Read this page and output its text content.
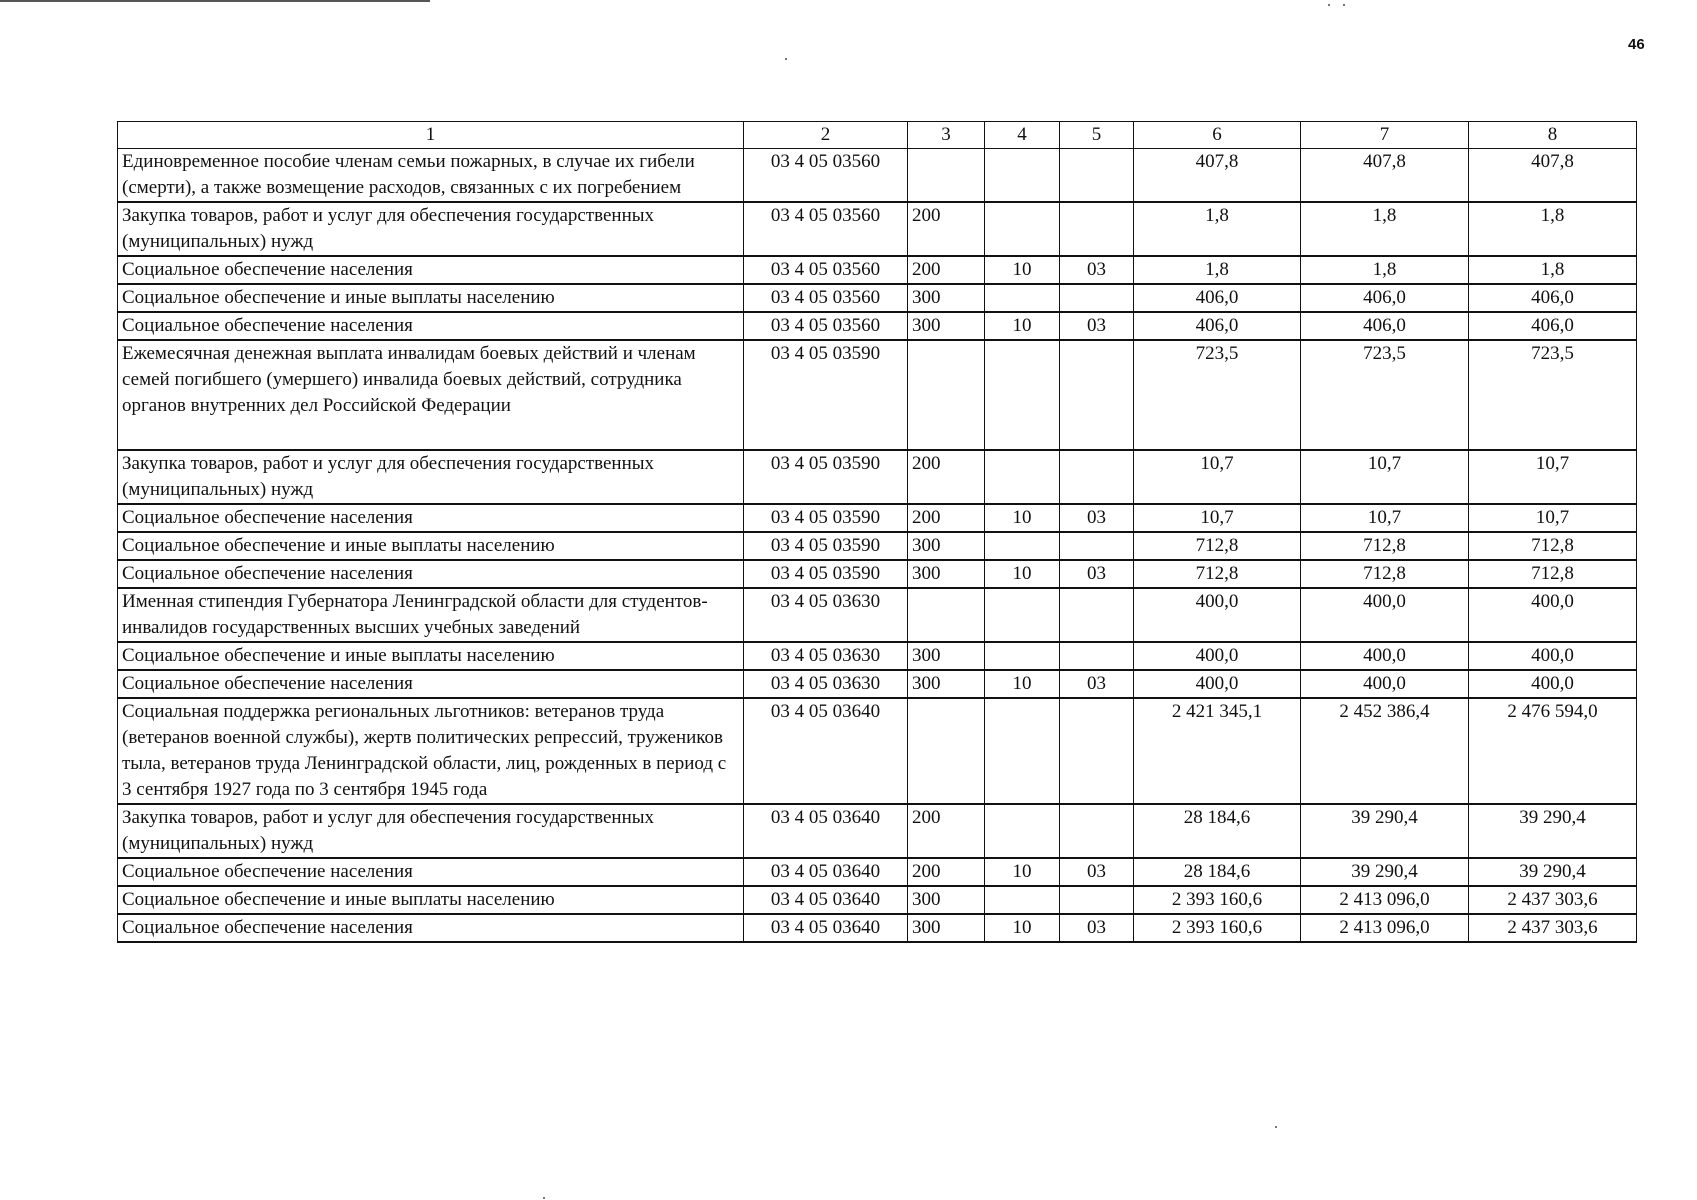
46
1	2	3	4	5	6	7	8
Единовременное пособие членам семьи пожарных, в случае их гибели (смерти), а также возмещение расходов, связанных с их погребением	03 4 05 03560				407,8	407,8	407,8
Закупка товаров, работ и услуг для обеспечения государственных (муниципальных) нужд	03 4 05 03560	200			1,8	1,8	1,8
Социальное обеспечение населения	03 4 05 03560	200	10	03	1,8	1,8	1,8
Социальное обеспечение и иные выплаты населению	03 4 05 03560	300			406,0	406,0	406,0
Социальное обеспечение населения	03 4 05 03560	300	10	03	406,0	406,0	406,0
Ежемесячная денежная выплата инвалидам боевых действий и членам семей погибшего (умершего) инвалида боевых действий, сотрудника органов внутренних дел Российской Федерации	03 4 05 03590				723,5	723,5	723,5
Закупка товаров, работ и услуг для обеспечения государственных (муниципальных) нужд	03 4 05 03590	200			10,7	10,7	10,7
Социальное обеспечение населения	03 4 05 03590	200	10	03	10,7	10,7	10,7
Социальное обеспечение и иные выплаты населению	03 4 05 03590	300			712,8	712,8	712,8
Социальное обеспечение населения	03 4 05 03590	300	10	03	712,8	712,8	712,8
Именная стипендия Губернатора Ленинградской области для студентов-инвалидов государственных высших учебных заведений	03 4 05 03630				400,0	400,0	400,0
Социальное обеспечение и иные выплаты населению	03 4 05 03630	300			400,0	400,0	400,0
Социальное обеспечение населения	03 4 05 03630	300	10	03	400,0	400,0	400,0
Социальная поддержка региональных льготников: ветеранов труда (ветеранов военной службы), жертв политических репрессий, тружеников тыла, ветеранов труда Ленинградской области, лиц, рожденных в период с 3 сентября 1927 года по 3 сентября 1945 года	03 4 05 03640				2 421 345,1	2 452 386,4	2 476 594,0
Закупка товаров, работ и услуг для обеспечения государственных (муниципальных) нужд	03 4 05 03640	200			28 184,6	39 290,4	39 290,4
Социальное обеспечение населения	03 4 05 03640	200	10	03	28 184,6	39 290,4	39 290,4
Социальное обеспечение и иные выплаты населению	03 4 05 03640	300			2 393 160,6	2 413 096,0	2 437 303,6
Социальное обеспечение населения	03 4 05 03640	300	10	03	2 393 160,6	2 413 096,0	2 437 303,6
